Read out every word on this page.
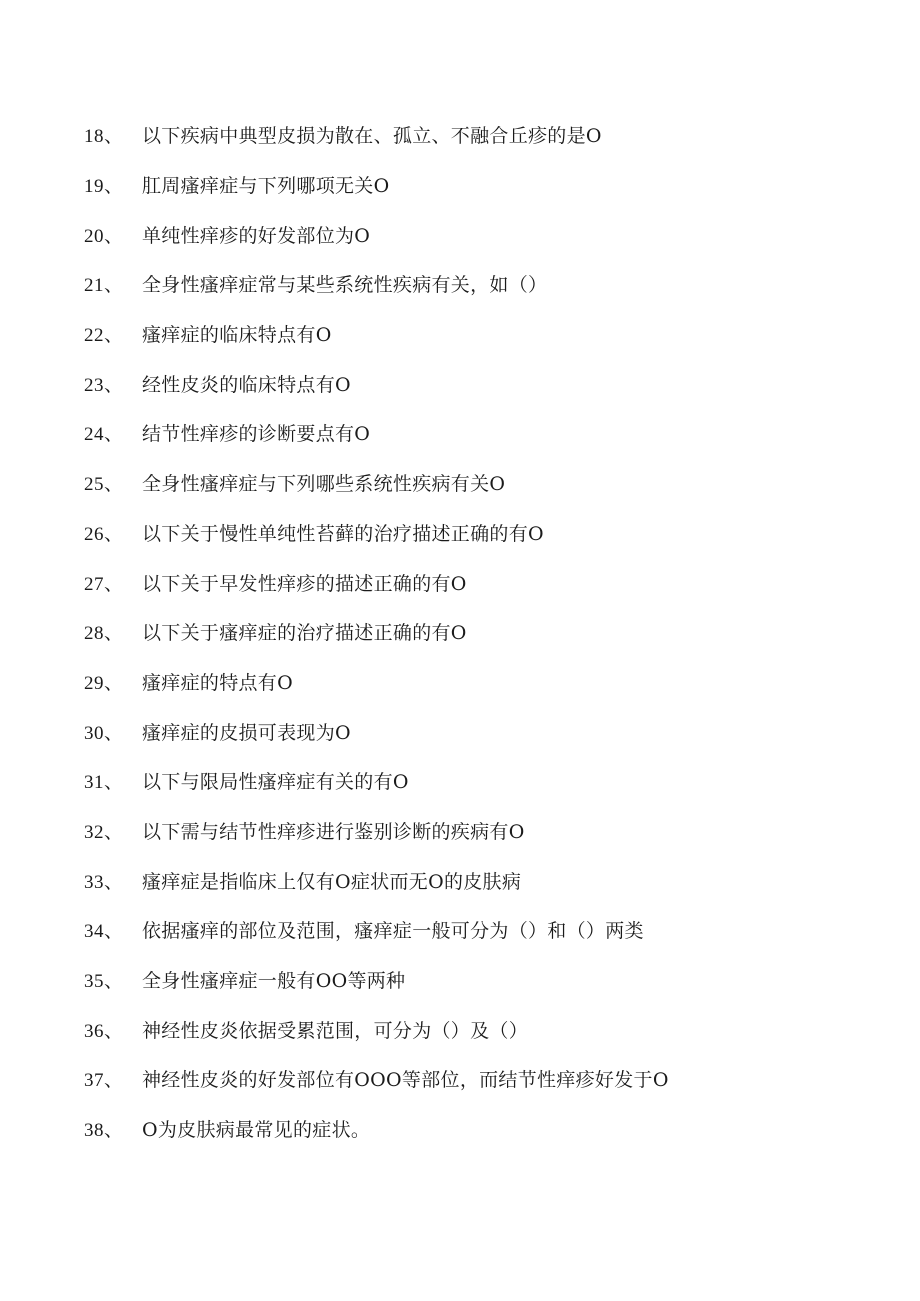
18、 以下疾病中典型皮损为散在、孤立、不融合丘疹的是O
19、 肛周瘙痒症与下列哪项无关O
20、 单纯性痒疹的好发部位为O
21、 全身性瘙痒症常与某些系统性疾病有关，如（）
22、 瘙痒症的临床特点有O
23、 经性皮炎的临床特点有O
24、 结节性痒疹的诊断要点有O
25、 全身性瘙痒症与下列哪些系统性疾病有关O
26、 以下关于慢性单纯性苔藓的治疗描述正确的有O
27、 以下关于早发性痒疹的描述正确的有O
28、 以下关于瘙痒症的治疗描述正确的有O
29、 瘙痒症的特点有O
30、 瘙痒症的皮损可表现为O
31、 以下与限局性瘙痒症有关的有O
32、 以下需与结节性痒疹进行鉴别诊断的疾病有O
33、 瘙痒症是指临床上仅有O症状而无O的皮肤病
34、 依据瘙痒的部位及范围，瘙痒症一般可分为（）和（）两类
35、 全身性瘙痒症一般有OO等两种
36、 神经性皮炎依据受累范围，可分为（）及（）
37、 神经性皮炎的好发部位有OOO等部位，而结节性痒疹好发于O
38、 O为皮肤病最常见的症状。
